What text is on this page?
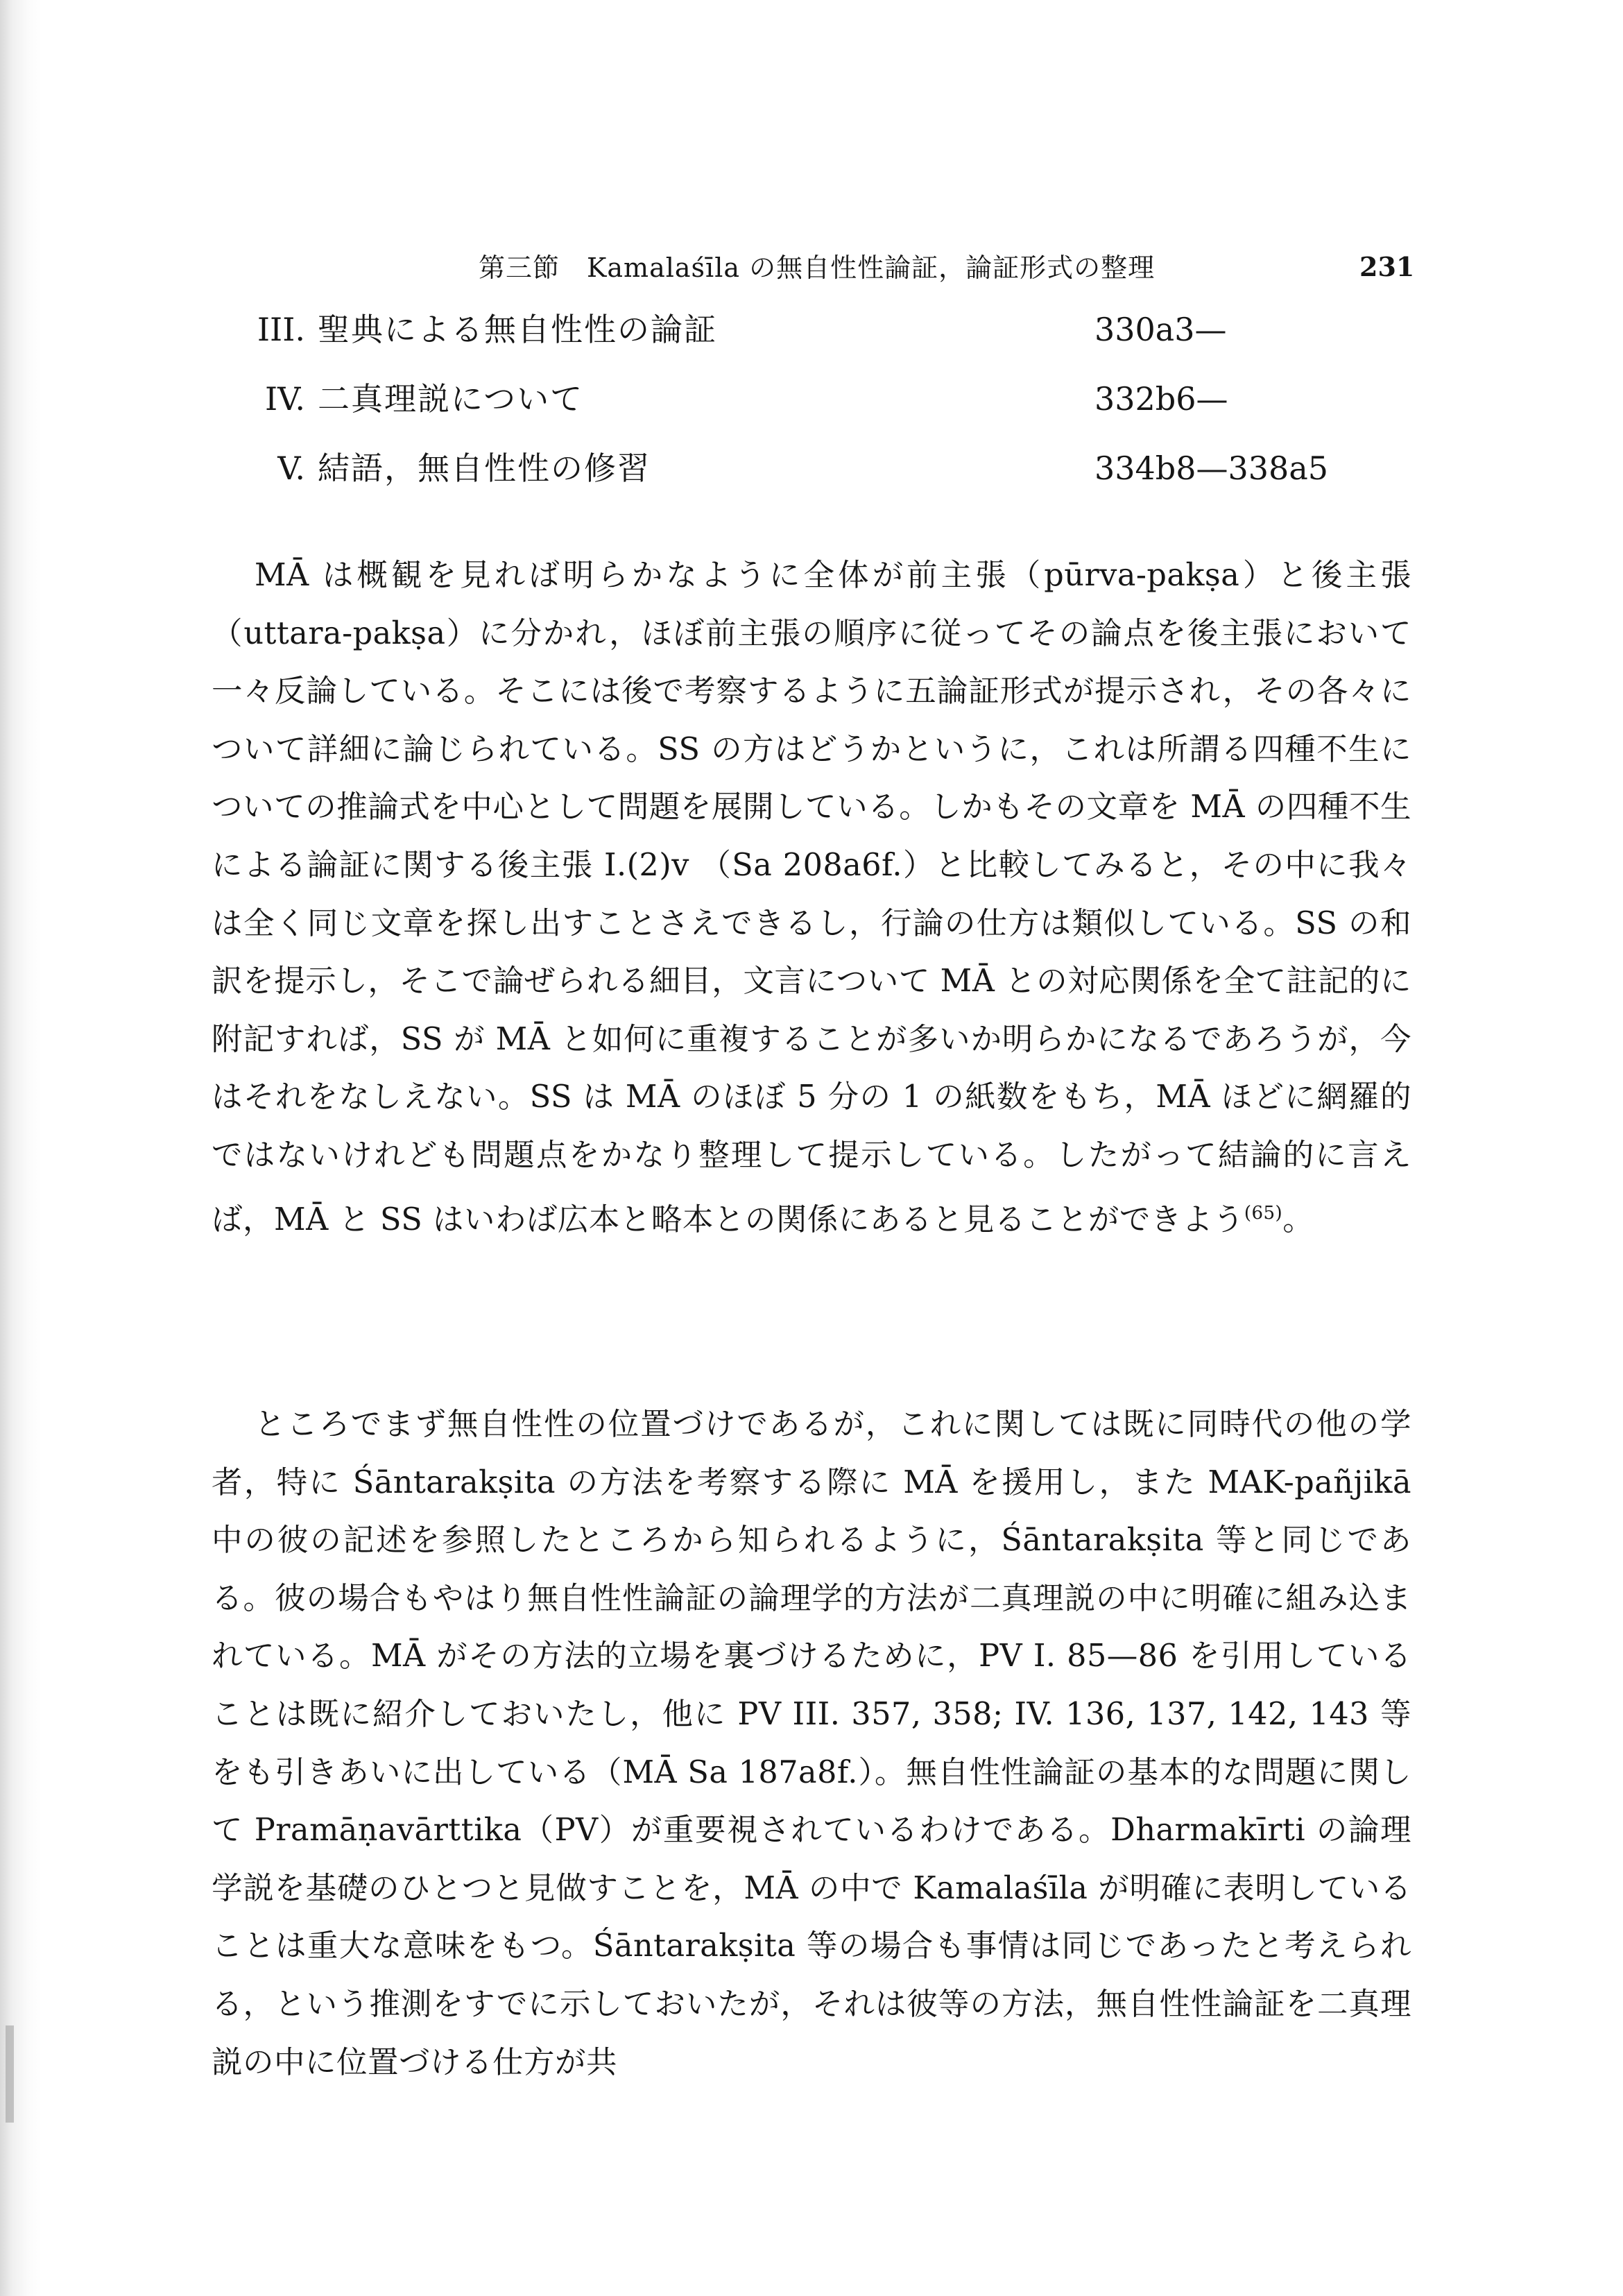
第三節　Kamalaśīla の無自性性論証，論証形式の整理	231
III. 聖典による無自性性の論証	330a3—
IV. 二真理説について	332b6—
V. 結語，無自性性の修習	334b8—338a5

MĀ は概観を見れば明らかなように全体が前主張（pūrva-pakṣa）と後主張（uttara-pakṣa）に分かれ，ほぼ前主張の順序に従ってその論点を後主張において一々反論している。そこには後で考察するように五論証形式が提示され，その各々について詳細に論じられている。SS の方はどうかというに，これは所謂る四種不生についての推論式を中心として問題を展開している。しかもその文章を MĀ の四種不生による論証に関する後主張 I.(2)v （Sa 208a6f.）と比較してみると，その中に我々は全く同じ文章を探し出すことさえできるし，行論の仕方は類似している。SS の和訳を提示し，そこで論ぜられる細目，文言について MĀ との対応関係を全て註記的に附記すれば，SS が MĀ と如何に重複することが多いか明らかになるであろうが，今はそれをなしえない。SS は MĀ のほぼ 5 分の 1 の紙数をもち，MĀ ほどに網羅的ではないけれども問題点をかなり整理して提示している。したがって結論的に言えば，MĀ と SS はいわば広本と略本との関係にあると見ることができよう$^{(65)}$。

ところでまず無自性性の位置づけであるが，これに関しては既に同時代の他の学者，特に Śāntarakṣita の方法を考察する際に MĀ を援用し，また MAK-pañjikā 中の彼の記述を参照したところから知られるように，Śāntarakṣita 等と同じである。彼の場合もやはり無自性性論証の論理学的方法が二真理説の中に明確に組み込まれている。MĀ がその方法的立場を裏づけるために，PV I. 85—86 を引用していることは既に紹介しておいたし，他に PV III. 357, 358; IV. 136, 137, 142, 143 等をも引きあいに出している（MĀ Sa 187a8f.）。無自性性論証の基本的な問題に関して Pramāṇavārttika（PV）が重要視されているわけである。Dharmakīrti の論理学説を基礎のひとつと見做すことを，MĀ の中で Kamalaśīla が明確に表明していることは重大な意味をもつ。Śāntarakṣita 等の場合も事情は同じであったと考えられる，という推測をすでに示しておいたが，それは彼等の方法，無自性性論証を二真理説の中に位置づける仕方が共
